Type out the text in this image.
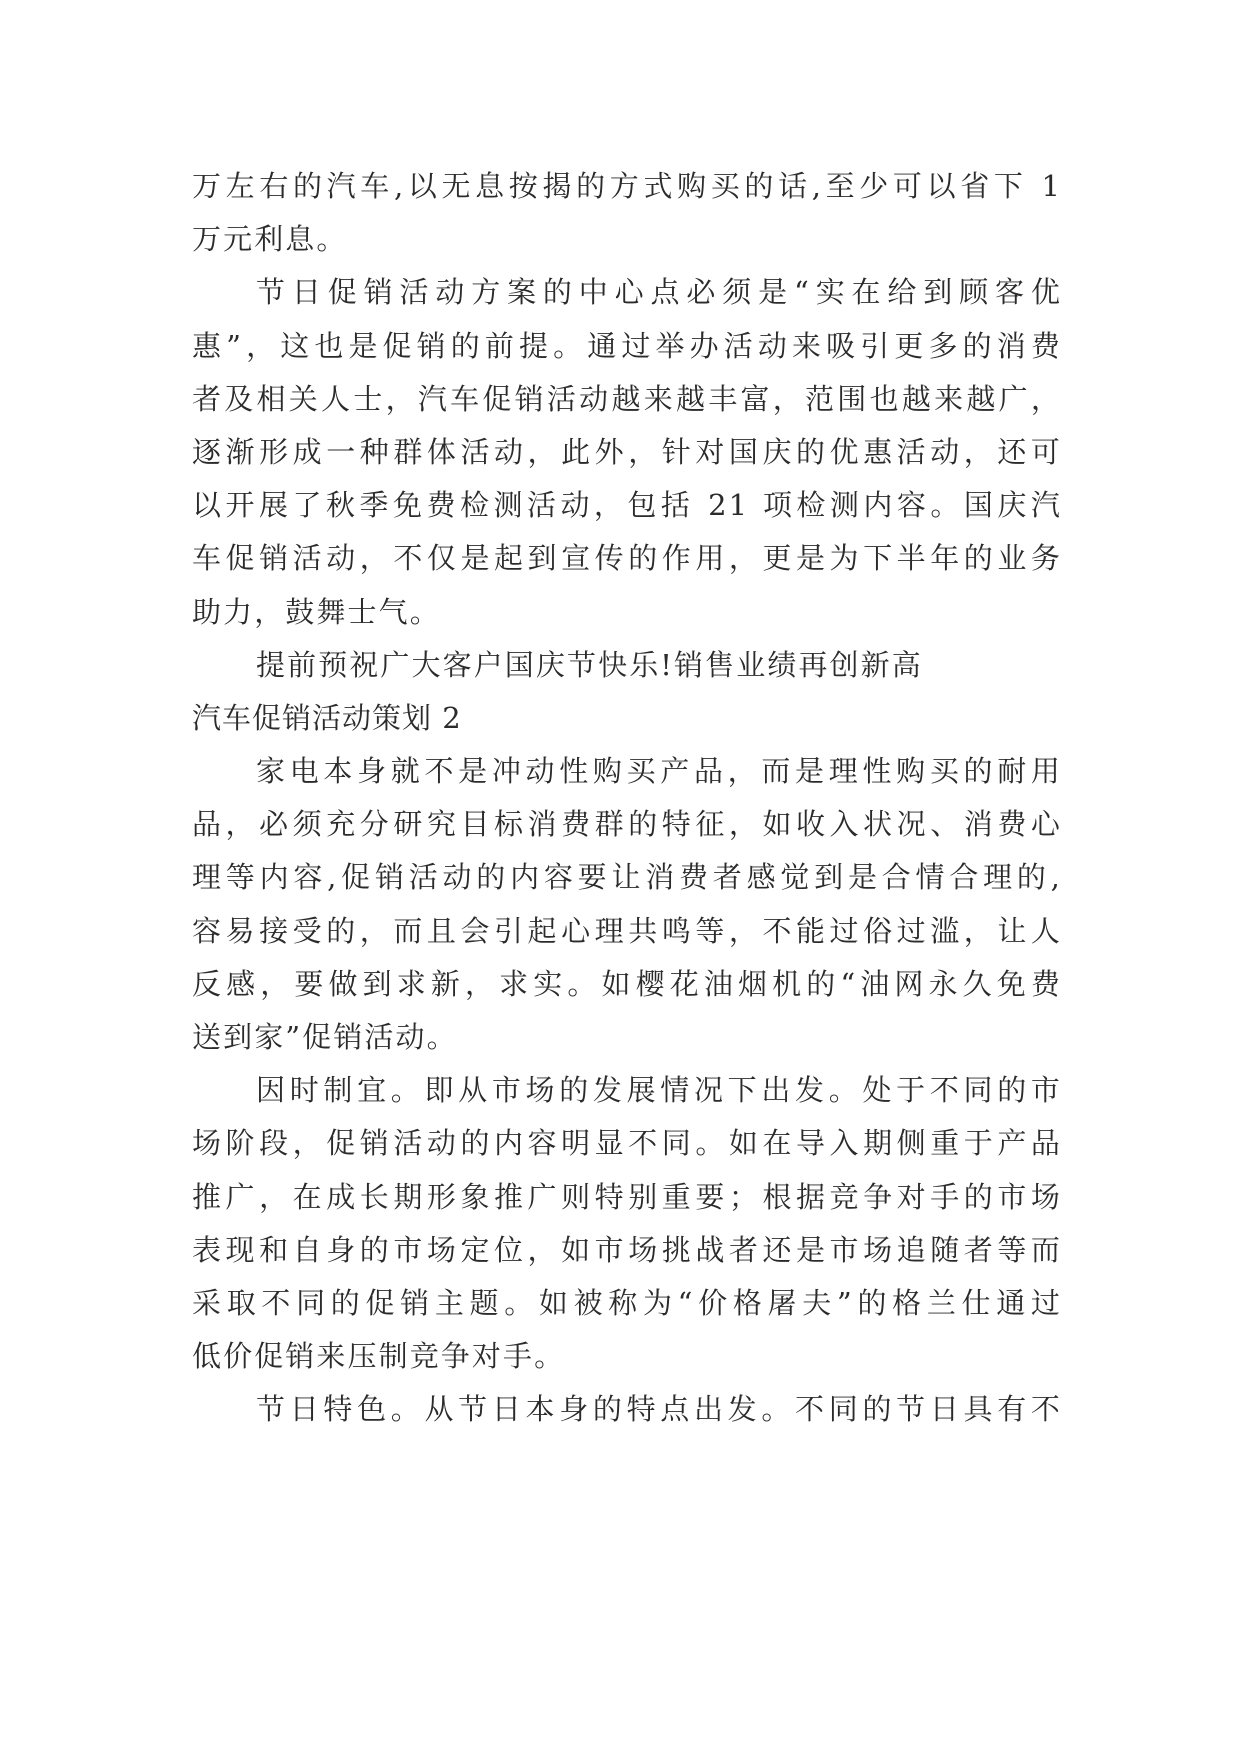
万左右的汽车,以无息按揭的方式购买的话,至少可以省下 1
万元利息。
节日促销活动方案的中心点必须是“实在给到顾客优
惠”，这也是促销的前提。通过举办活动来吸引更多的消费
者及相关人士，汽车促销活动越来越丰富，范围也越来越广，
逐渐形成一种群体活动，此外，针对国庆的优惠活动，还可
以开展了秋季免费检测活动，包括 21 项检测内容。国庆汽
车促销活动，不仅是起到宣传的作用，更是为下半年的业务
助力，鼓舞士气。
提前预祝广大客户国庆节快乐!销售业绩再创新高
汽车促销活动策划 2
家电本身就不是冲动性购买产品，而是理性购买的耐用
品，必须充分研究目标消费群的特征，如收入状况、消费心
理等内容,促销活动的内容要让消费者感觉到是合情合理的,
容易接受的，而且会引起心理共鸣等，不能过俗过滥，让人
反感，要做到求新，求实。如樱花油烟机的“油网永久免费
送到家”促销活动。
因时制宜。即从市场的发展情况下出发。处于不同的市
场阶段，促销活动的内容明显不同。如在导入期侧重于产品
推广，在成长期形象推广则特别重要；根据竞争对手的市场
表现和自身的市场定位，如市场挑战者还是市场追随者等而
采取不同的促销主题。如被称为“价格屠夫”的格兰仕通过
低价促销来压制竞争对手。
节日特色。从节日本身的特点出发。不同的节日具有不
